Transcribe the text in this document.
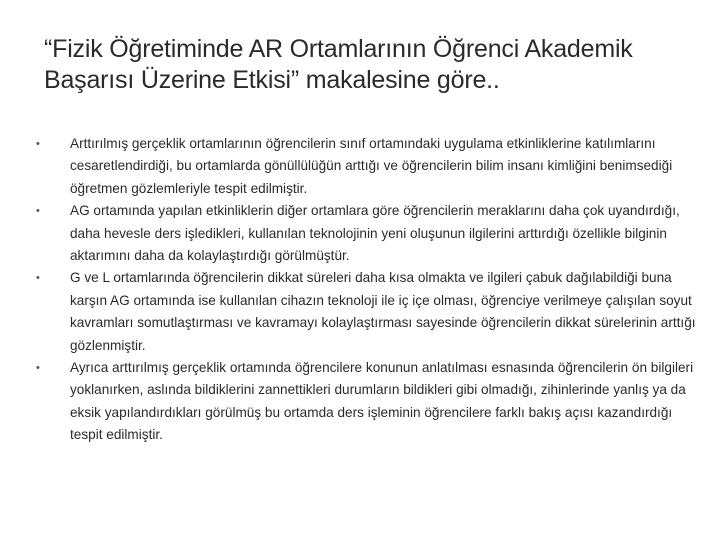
“Fizik Öğretiminde AR Ortamlarının Öğrenci Akademik Başarısı Üzerine Etkisi” makalesine göre..
• Arttırılmış gerçeklik ortamlarının öğrencilerin sınıf ortamındaki uygulama etkinliklerine katılımlarını cesaretlendirdiği, bu ortamlarda gönüllülüğün arttığı ve öğrencilerin bilim insanı kimliğini benimsediği öğretmen gözlemleriyle tespit edilmiştir.
• AG ortamında yapılan etkinliklerin diğer ortamlara göre öğrencilerin meraklarını daha çok uyandırdığı, daha hevesle ders işledikleri, kullanılan teknolojinin yeni oluşunun ilgilerini arttırdığı özellikle bilginin aktarımını daha da kolaylaştırdığı görülmüştür.
• G ve L ortamlarında öğrencilerin dikkat süreleri daha kısa olmakta ve ilgileri çabuk dağılabildiği buna karşın AG ortamında ise kullanılan cihazın teknoloji ile iç içe olması, öğrenciye verilmeye çalışılan soyut kavramları somutlaştırması ve kavramayı kolaylaştırması sayesinde öğrencilerin dikkat sürelerinin arttığı gözlenmiştir.
• Ayrıca arttırılmış gerçeklik ortamında öğrencilere konunun anlatılması esnasında öğrencilerin ön bilgileri yoklanırken, aslında bildiklerini zannettikleri durumların bildikleri gibi olmadığı, zihinlerinde yanlış ya da eksik yapılandırdıkları görülmüş bu ortamda ders işleminin öğrencilere farklı bakış açısı kazandırdığı tespit edilmiştir.
